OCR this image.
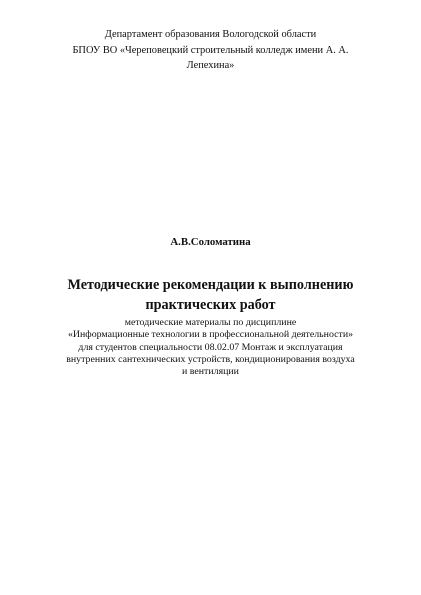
Департамент образования Вологодской области
БПОУ ВО «Череповецкий строительный колледж имени А. А.
Лепехина»
А.В.Соломатина
Методические рекомендации к выполнению
практических работ
методические материалы по дисциплине
«Информационные технологии в профессиональной деятельности»
для студентов специальности 08.02.07 Монтаж и эксплуатация
внутренних сантехнических устройств, кондиционирования воздуха
и вентиляции
